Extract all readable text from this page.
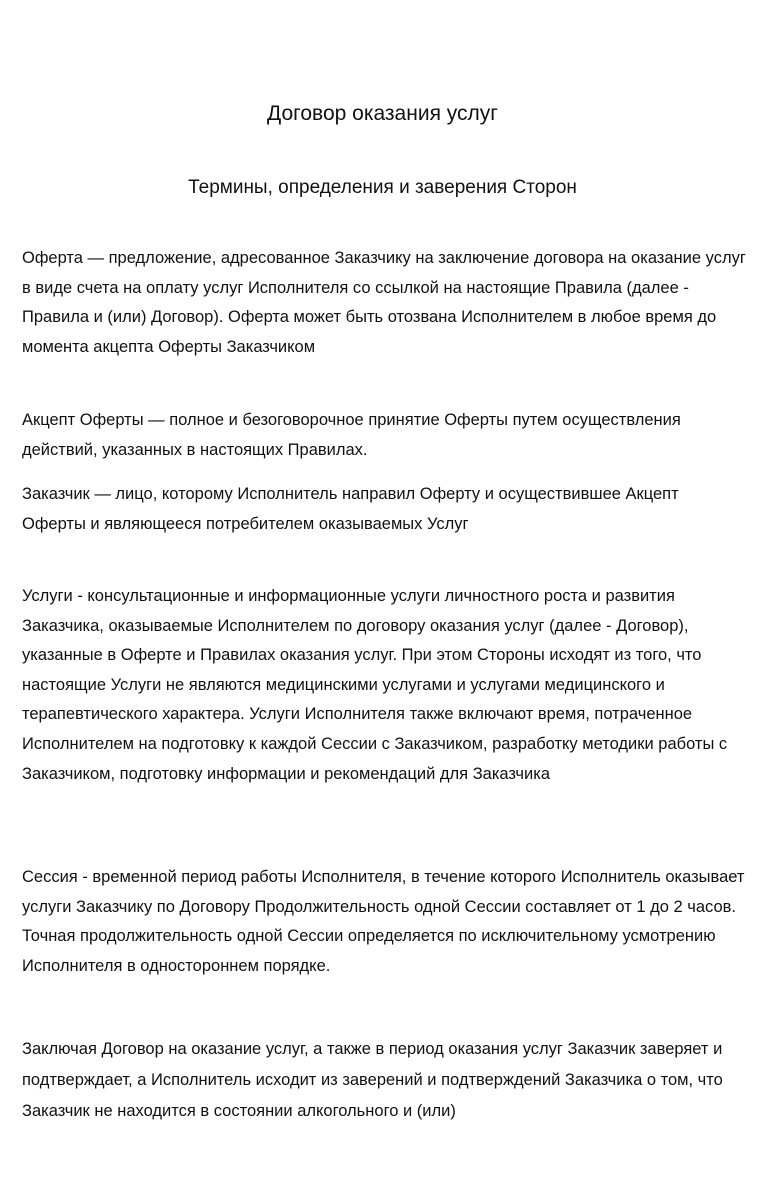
Договор оказания услуг
Термины, определения и заверения Сторон

Оферта — предложение, адресованное Заказчику на заключение договора на оказание услуг в виде счета на оплату услуг Исполнителя со ссылкой на настоящие Правила (далее - Правила и (или) Договор). Оферта может быть отозвана Исполнителем в любое время до момента акцепта Оферты Заказчиком

Акцепт Оферты — полное и безоговорочное принятие Оферты путем осуществления действий, указанных в настоящих Правилах.

Заказчик — лицо, которому Исполнитель направил Оферту и осуществившее Акцепт Оферты и являющееся потребителем оказываемых Услуг

Услуги - консультационные и информационные услуги личностного роста и развития Заказчика, оказываемые Исполнителем по договору оказания услуг (далее - Договор), указанные в Оферте и Правилах оказания услуг. При этом Стороны исходят из того, что настоящие Услуги не являются медицинскими услугами и услугами медицинского и терапевтического характера. Услуги Исполнителя также включают время, потраченное Исполнителем на подготовку к каждой Сессии с Заказчиком, разработку методики работы с Заказчиком, подготовку информации и рекомендаций для Заказчика

Сессия - временной период работы Исполнителя, в течение которого Исполнитель оказывает услуги Заказчику по Договору Продолжительность одной Сессии составляет от 1 до 2 часов. Точная продолжительность одной Сессии определяется по исключительному усмотрению Исполнителя в одностороннем порядке.

Заключая Договор на оказание услуг, а также в период оказания услуг Заказчик заверяет и подтверждает, а Исполнитель исходит из заверений и подтверждений Заказчика о том, что Заказчик не находится в состоянии алкогольного и (или)
